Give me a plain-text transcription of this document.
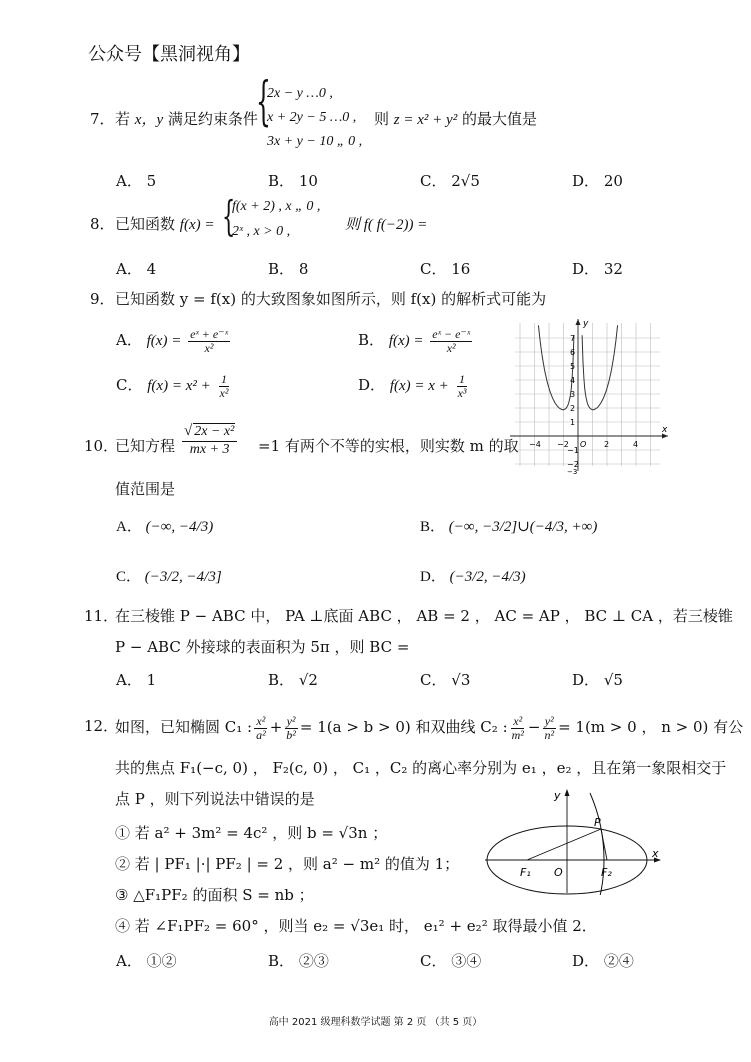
公众号【黑洞视角】
7． 若 x，y 满足约束条件
{
2x − y …0 ,
x + 2y − 5 …0 ,
3x + y − 10 „ 0 ,
则 z = x² + y² 的最大值是
A． 5	B． 10	C． 2√5	D． 20
8． 已知函数 f(x) = {
f(x + 2) , x „ 0 ,
2ˣ , x > 0 ,	则 f( f(−2)) =
A． 4	B． 8	C． 16	D． 32
9． 已知函数 y = f(x) 的大致图象如图所示，则 f(x) 的解析式可能为
A． $f(x) = \frac{\text{eˣ + e⁻ˣ}}{\text{x²}}$	B． $f(x) = \frac{\text{eˣ − e⁻ˣ}}{\text{x²}}$
C． $f(x) = x^2 + \frac{1}{\text{x²}}$	D． $f(x) = x + \frac{1}{\text{x³}}$
y
x
−4 −2 O 2	4
7
6
5
4
3
2
1
−1
−2
−3
10．
已知方程 $\frac{\text{√ 2x − x²}}{mx + 3} =1$ 有两个不等的实根，则实数 m 的取
值范围是
A． (−∞, −4/3)	B． (−∞, −3/2]∪(−4/3, +∞)
C． (−3/2, −4/3]	D． (−3/2, −4/3)
11．
在三棱锥 P − ABC 中， PA ⊥底面 ABC ， AB = 2 ， AC = AP ， BC ⊥ CA ，若三棱锥
P − ABC 外接球的表面积为 5π ，则 BC =
A． 1	B． √2	C． √3	D． √5
12．
如图，已知椭圆 C₁ : $\frac{\text{x²}}{\text{a²}} + \frac{\text{y²}}{\text{b²}} = 1(a > b > 0)$ 和双曲线 C₂ : $\frac{\text{x²}}{\text{m²}} - \frac{\text{y²}}{\text{n²}} = 1(m > 0$ ， n > 0) 有公
共的焦点 F₁(−c, 0) ， F₂(c, 0) ， C₁ ，C₂ 的离心率分别为 e₁ ，e₂ ，且在第一象限相交于
点 P ，则下列说法中错误的是
① 若 a² + 3m² = 4c² ，则 b = √3n ；
② 若 | PF₁ |·| PF₂ | = 2 ，则 a² − m² 的值为 1；
③ △F₁PF₂ 的面积 S = nb ；
④ 若 ∠F₁PF₂ = 60° ，则当 e₂ = √3e₁ 时， e₁² + e₂² 取得最小值 2．
A． ①②	B． ②③	C． ③④	D． ②④
y
P
F₁ O	F₂
x
高中 2021 级理科数学试题 第 2 页 （共 5 页）
